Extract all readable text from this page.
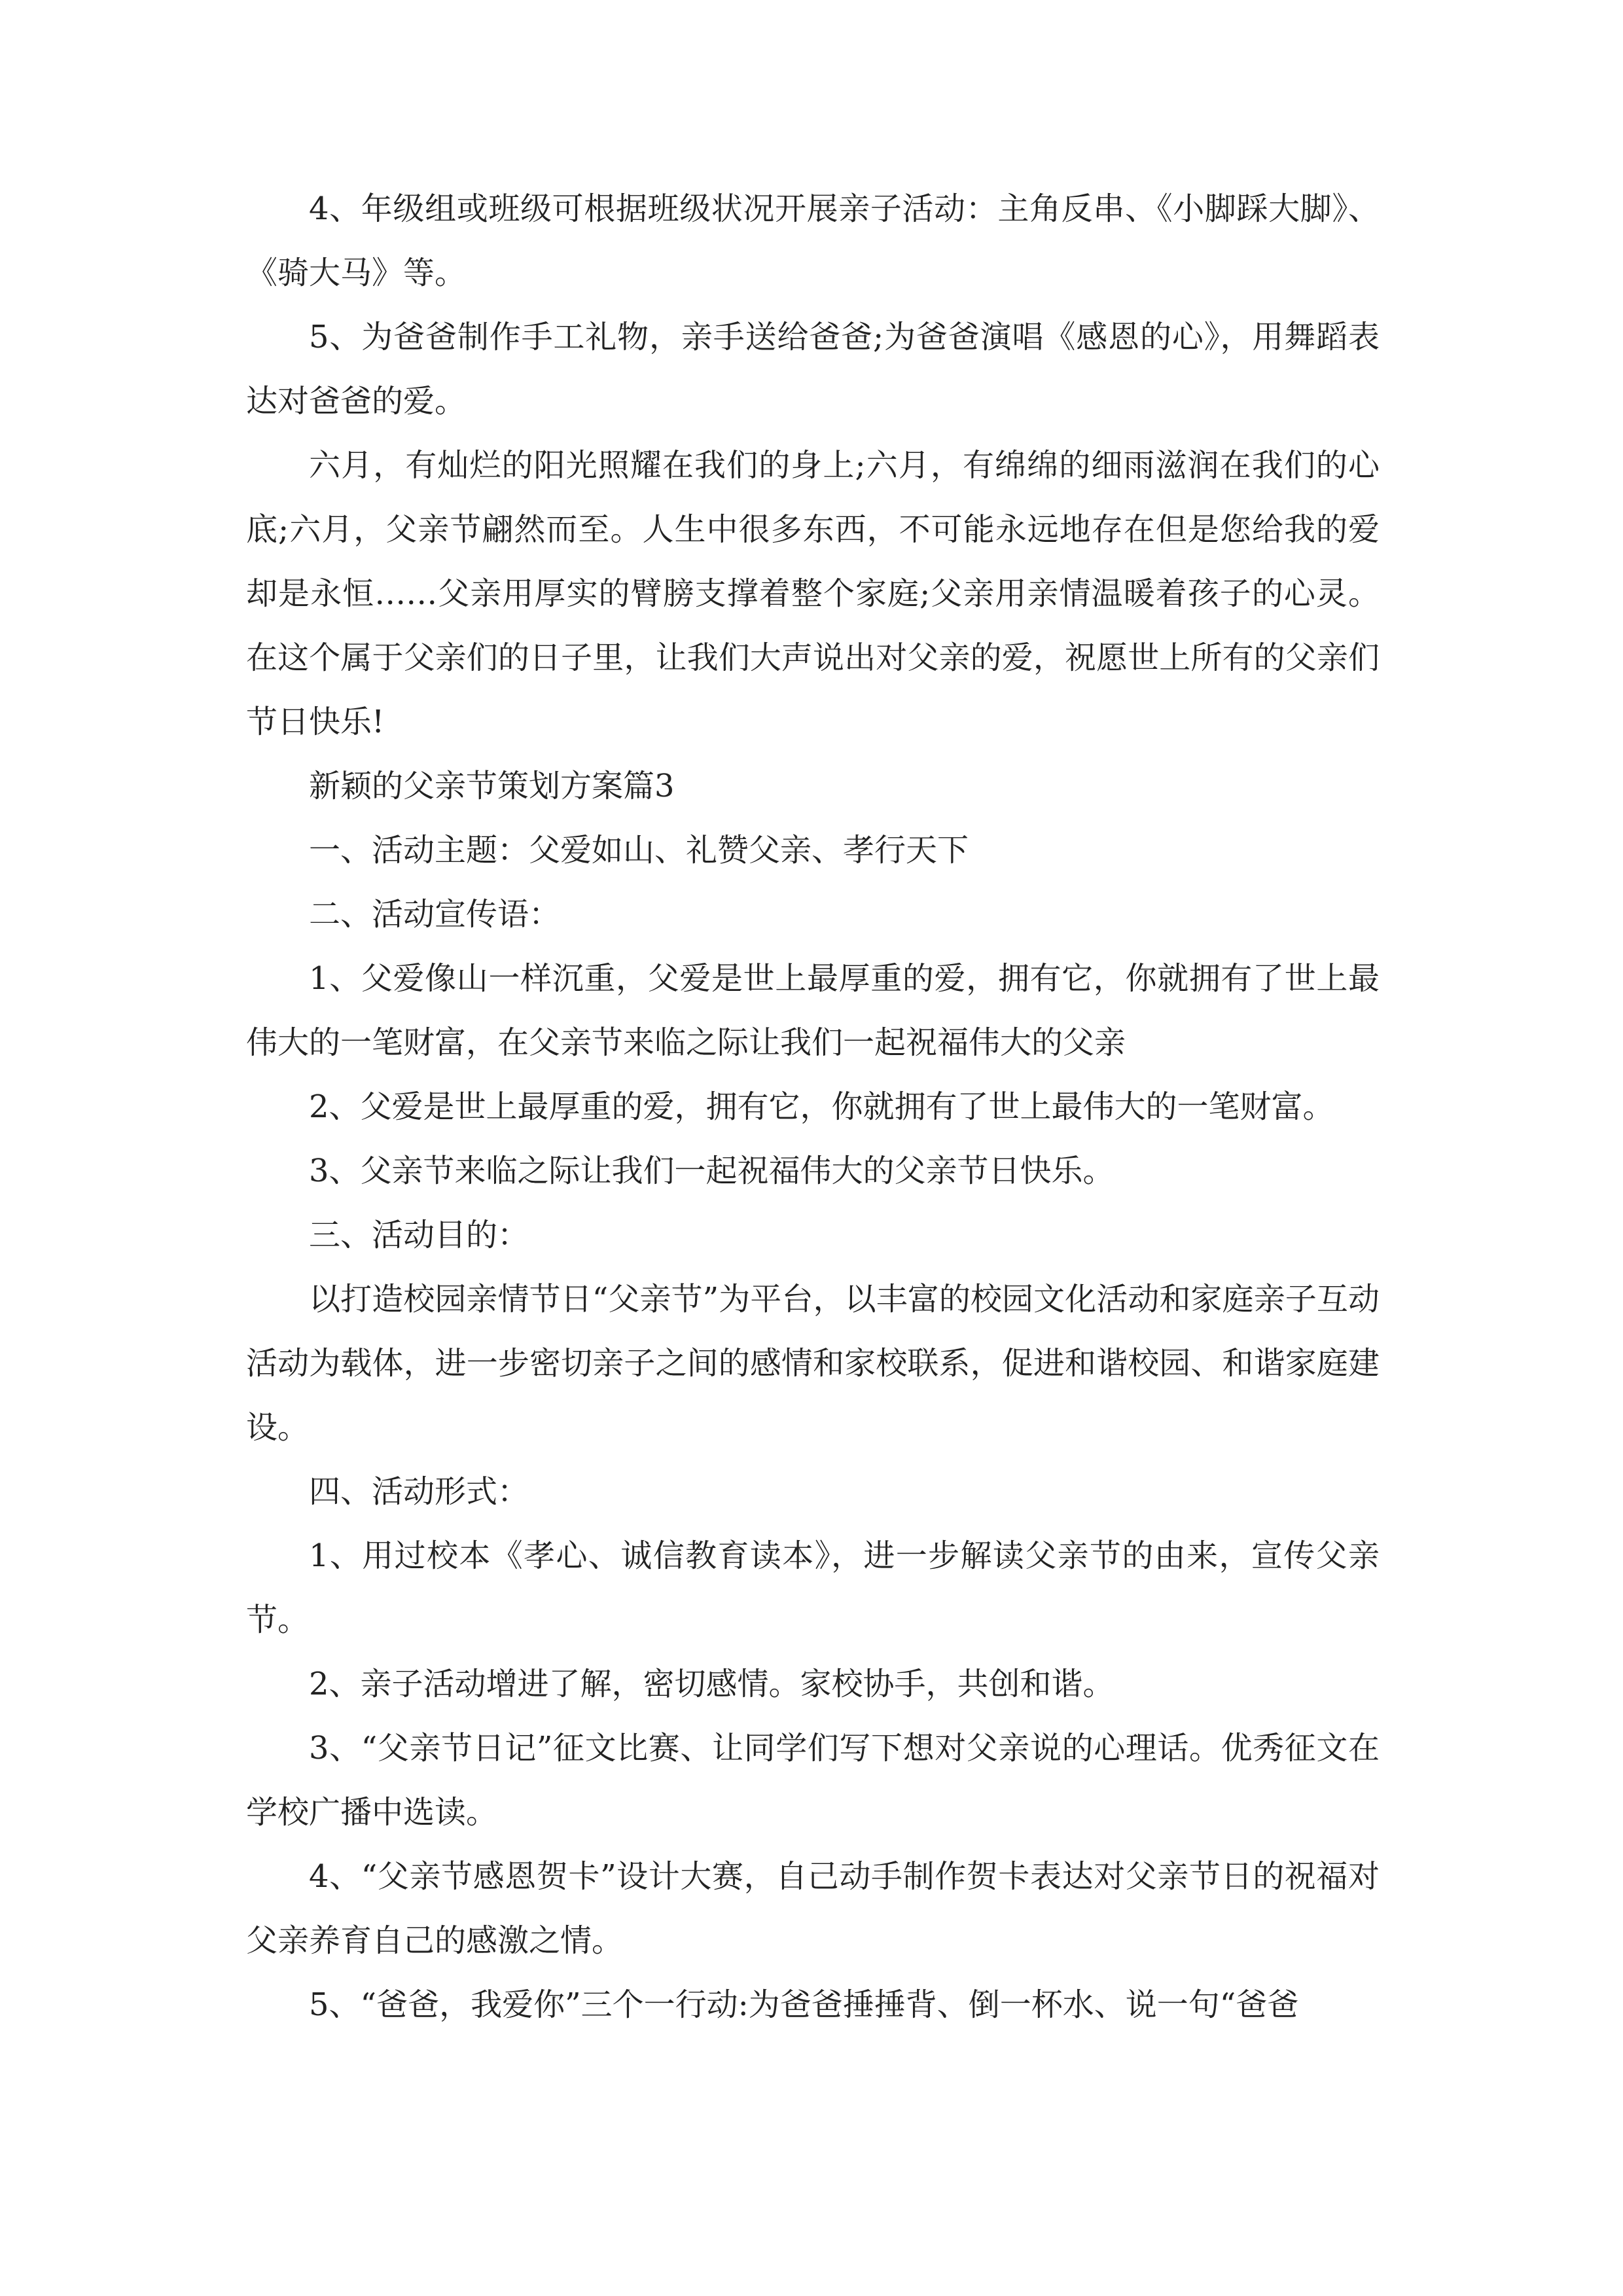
4、年级组或班级可根据班级状况开展亲子活动：主角反串、《小脚踩大脚》、《骑大马》等。

5、为爸爸制作手工礼物，亲手送给爸爸;为爸爸演唱《感恩的心》，用舞蹈表达对爸爸的爱。

六月，有灿烂的阳光照耀在我们的身上;六月，有绵绵的细雨滋润在我们的心底;六月，父亲节翩然而至。人生中很多东西，不可能永远地存在但是您给我的爱却是永恒……父亲用厚实的臂膀支撑着整个家庭;父亲用亲情温暖着孩子的心灵。在这个属于父亲们的日子里，让我们大声说出对父亲的爱，祝愿世上所有的父亲们节日快乐!

新颖的父亲节策划方案篇3

一、活动主题：父爱如山、礼赞父亲、孝行天下

二、活动宣传语：

1、父爱像山一样沉重，父爱是世上最厚重的爱，拥有它，你就拥有了世上最伟大的一笔财富，在父亲节来临之际让我们一起祝福伟大的父亲

2、父爱是世上最厚重的爱，拥有它，你就拥有了世上最伟大的一笔财富。

3、父亲节来临之际让我们一起祝福伟大的父亲节日快乐。

三、活动目的：

以打造校园亲情节日“父亲节”为平台，以丰富的校园文化活动和家庭亲子互动活动为载体，进一步密切亲子之间的感情和家校联系，促进和谐校园、和谐家庭建设。

四、活动形式：

1、用过校本《孝心、诚信教育读本》，进一步解读父亲节的由来，宣传父亲节。

2、亲子活动增进了解，密切感情。家校协手，共创和谐。

3、“父亲节日记”征文比赛、让同学们写下想对父亲说的心理话。优秀征文在学校广播中选读。

4、“父亲节感恩贺卡”设计大赛，自己动手制作贺卡表达对父亲节日的祝福对父亲养育自己的感激之情。

5、“爸爸，我爱你”三个一行动:为爸爸捶捶背、倒一杯水、说一句“爸爸
